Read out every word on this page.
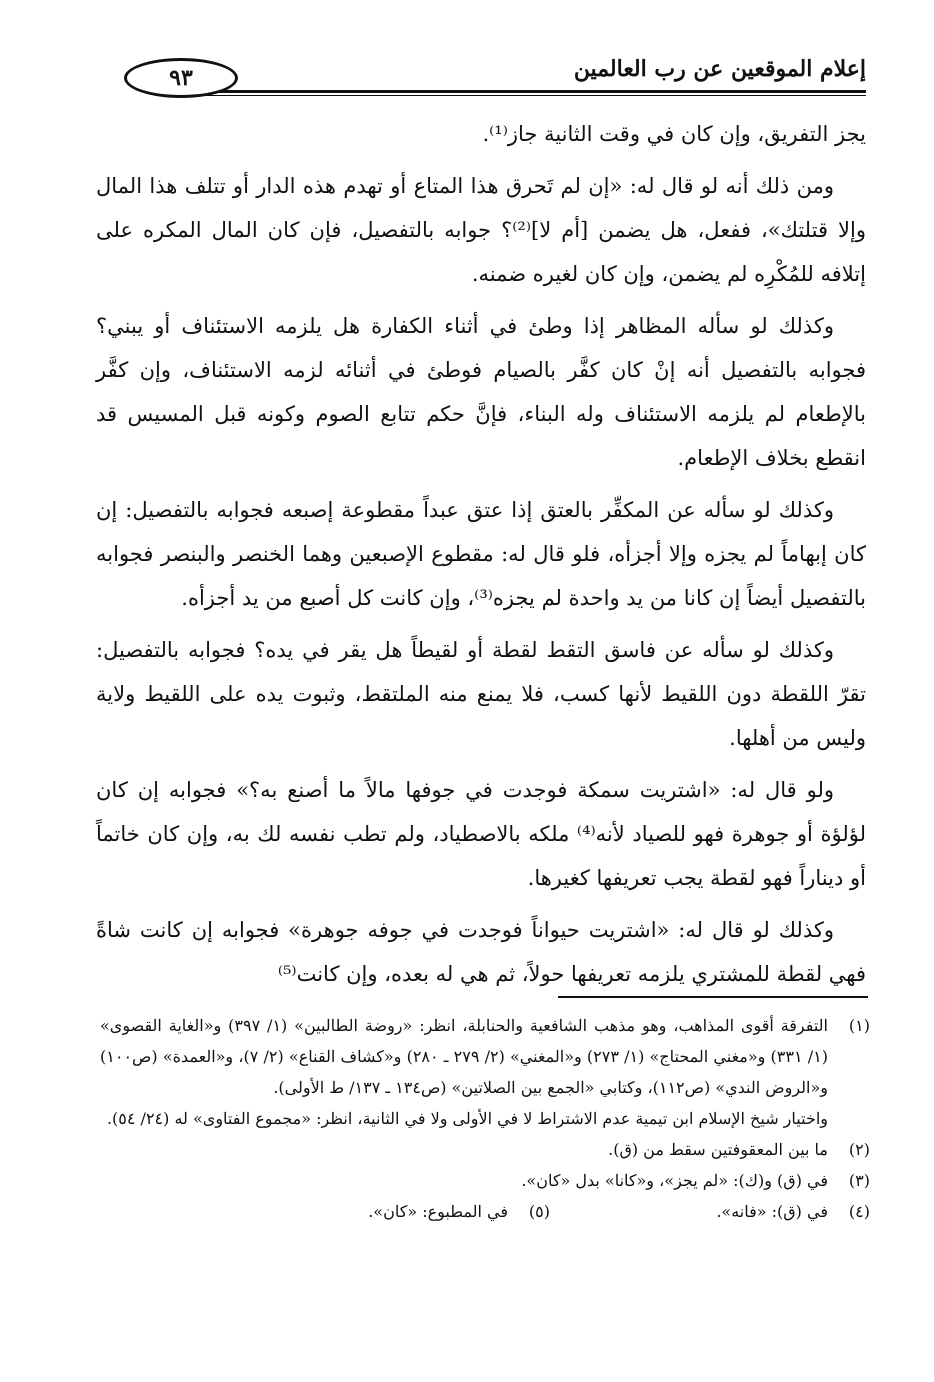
إعلام الموقعين عن رب العالمين
٩٣

يجز التفريق، وإن كان في وقت الثانية جاز⁽¹⁾.

ومن ذلك أنه لو قال له: «إن لم تَحرق هذا المتاع أو تهدم هذه الدار أو تتلف هذا المال وإلا قتلتك»، ففعل، هل يضمن [أم لا]⁽²⁾؟ جوابه بالتفصيل، فإن كان المال المكره على إتلافه للمُكْرِه لم يضمن، وإن كان لغيره ضمنه.

وكذلك لو سأله المظاهر إذا وطئ في أثناء الكفارة هل يلزمه الاستئناف أو يبني؟ فجوابه بالتفصيل أنه إنْ كان كفَّر بالصيام فوطئ في أثنائه لزمه الاستئناف، وإن كفَّر بالإطعام لم يلزمه الاستئناف وله البناء، فإنَّ حكم تتابع الصوم وكونه قبل المسيس قد انقطع بخلاف الإطعام.

وكذلك لو سأله عن المكفِّر بالعتق إذا عتق عبداً مقطوعة إصبعه فجوابه بالتفصيل: إن كان إبهاماً لم يجزه وإلا أجزأه، فلو قال له: مقطوع الإصبعين وهما الخنصر والبنصر فجوابه بالتفصيل أيضاً إن كانا من يد واحدة لم يجزه⁽³⁾، وإن كانت كل أصبع من يد أجزأه.

وكذلك لو سأله عن فاسق التقط لقطة أو لقيطاً هل يقر في يده؟ فجوابه بالتفصيل: تقرّ اللقطة دون اللقيط لأنها كسب، فلا يمنع منه الملتقط، وثبوت يده على اللقيط ولاية وليس من أهلها.

ولو قال له: «اشتريت سمكة فوجدت في جوفها مالاً ما أصنع به؟» فجوابه إن كان لؤلؤة أو جوهرة فهو للصياد لأنه⁽⁴⁾ ملكه بالاصطياد، ولم تطب نفسه لك به، وإن كان خاتماً أو ديناراً فهو لقطة يجب تعريفها كغيرها.

وكذلك لو قال له: «اشتريت حيواناً فوجدت في جوفه جوهرة» فجوابه إن كانت شاةً فهي لقطة للمشتري يلزمه تعريفها حولاً، ثم هي له بعده، وإن كانت⁽⁵⁾

(١)
التفرقة أقوى المذاهب، وهو مذهب الشافعية والحنابلة، انظر: «روضة الطالبين» (١/ ٣٩٧) و«الغاية القصوى» (١/ ٣٣١) و«مغني المحتاج» (١/ ٢٧٣) و«المغني» (٢/ ٢٧٩ ـ ٢٨٠) و«كشاف القناع» (٢/ ٧)، و«العمدة» (ص١٠٠) و«الروض الندي» (ص١١٢)، وكتابي «الجمع بين الصلاتين» (ص١٣٤ ـ ١٣٧/ ط الأولى).
واختيار شيخ الإسلام ابن تيمية عدم الاشتراط لا في الأولى ولا في الثانية، انظر: «مجموع الفتاوى» له (٢٤/ ٥٤).
(٢)
ما بين المعقوفتين سقط من (ق).
(٣)
في (ق) و(ك): «لم يجز»، و«كانا» بدل «كان».
(٤)
في (ق): «فانه».
(٥)
في المطبوع: «كان».
